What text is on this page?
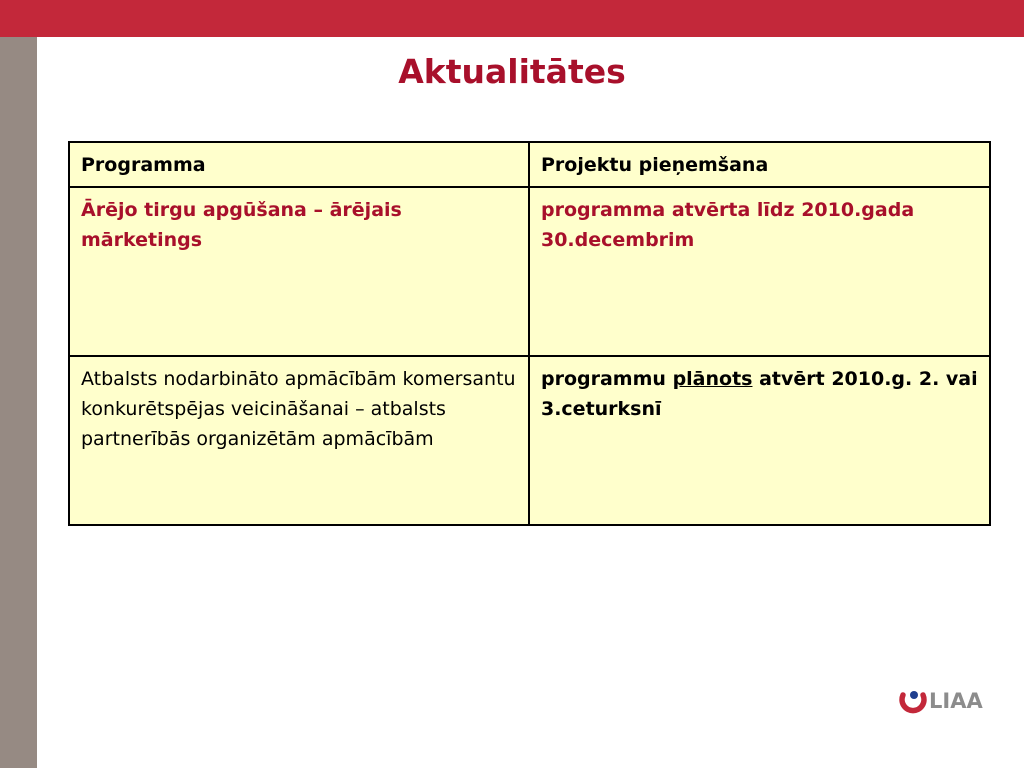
Aktualitātes
Programma	Projektu pieņemšana
Ārējo tirgu apgūšana – ārējais mārketings	programma atvērta līdz 2010.gada 30.decembrim
Atbalsts nodarbināto apmācībām komersantu konkurētspējas veicināšanai – atbalsts partnerībās organizētām apmācībām	programmu plānots atvērt 2010.g. 2. vai 3.ceturksnī
LIAA
